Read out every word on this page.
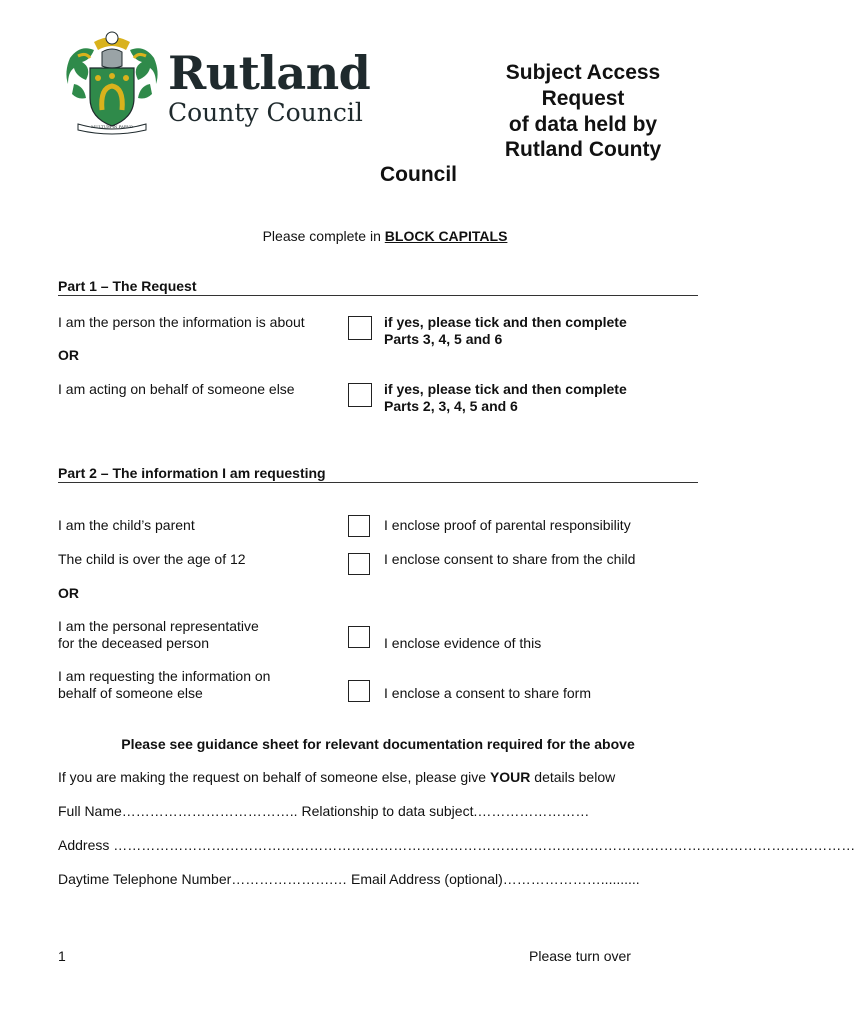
MULTUM IN PARVO
Rutland
County Council
Subject Access
Request
of data held by
Rutland County
Council
Please complete in BLOCK CAPITALS
Part 1 – The Request
I am the person the information is about	if yes, please tick and then complete
Parts 3, 4, 5 and 6
OR
I am acting on behalf of someone else	if yes, please tick and then complete
Parts 2, 3, 4, 5 and 6
Part 2 – The information I am requesting
I am the child’s parent	I enclose proof of parental responsibility
The child is over the age of 12	I enclose consent to share from the child
OR
I am the personal representative
for the deceased person	I enclose evidence of this
I am requesting the information on
behalf of someone else	I enclose a consent to share form
Please see guidance sheet for relevant documentation required for the above
If you are making the request on behalf of someone else, please give YOUR details below
Full Name……………………………….. Relationship to data subject.……………………
Address ……………………………………………………………………………………………………………………………………………
Daytime Telephone Number………………….… Email Address (optional)…………………..........
1	Please turn over
